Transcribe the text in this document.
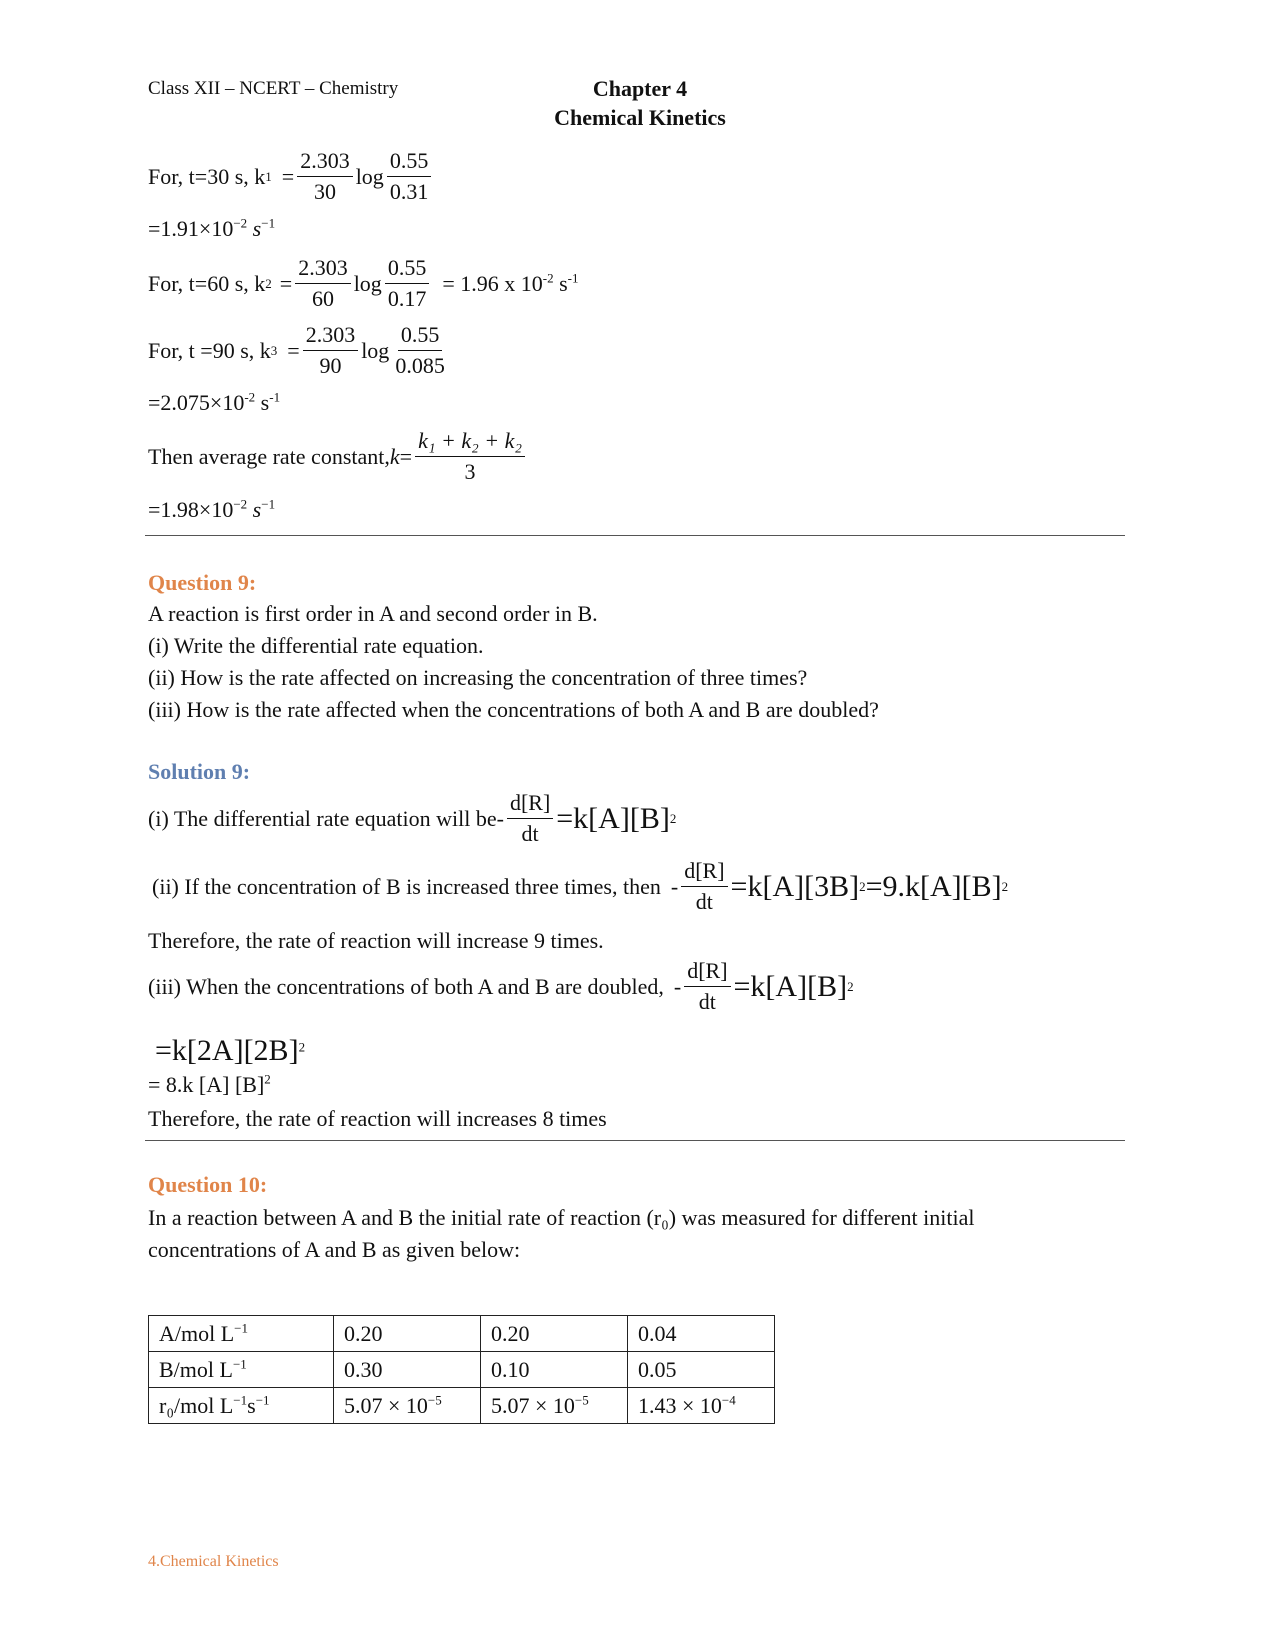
Class XII – NCERT – Chemistry	Chapter 4
Chemical Kinetics
For, t=30 s, k $1 = \frac{2.303}{30}$ $\log \frac{0.55}{0.31}$
$=1.91\times 10^{-2}$ $s^{-1}$
For, t=60 s, k $2 = \frac{2.303}{60}$ $\log \frac{0.55}{0.17} = 1.96$ x $10^{-2}$ $s^{-1}$
For, t =90 s, k $3 = \frac{2.303}{90}$ $\log \frac{0.55}{0.085}$
$=2.075\times 10^{-2}$ $s^{-1}$
Then average rate constant, $k = \frac{\text{k₁ + k₂ + k₂}}{3}$
$=1.98\times 10^{-2}$ $s^{-1}$
Question 9:
A reaction is first order in A and second order in B.
(i) Write the differential rate equation.
(ii) How is the rate affected on increasing the concentration of three times?
(iii) How is the rate affected when the concentrations of both A and B are doubled?
Solution 9:
(i) The differential rate equation will be - $\frac{d[R]}{dt} =k[A][B]$ 2
(ii) If the concentration of B is increased three times, then - $\frac{d[R]}{dt} =k[A][3B]$ 2 =9.k[A][B] 2
Therefore, the rate of reaction will increase 9 times.
(iii) When the concentrations of both A and B are doubled, - $\frac{d[R]}{dt} =k[A][B]$ 2
$=k[2A][2B]^2$
= 8.k [A] $[B]^2$
Therefore, the rate of reaction will increases 8 times
Question 10:
In a reaction between A and B the initial rate of reaction (r₀) was measured for different initial
concentrations of A and B as given below:
A/mol $L^{-1}$	0.20	0.20	0.04
B/mol $L^{-1}$	0.30	0.10	0.05
r₀/mol $L^{-1}s^{-1}$	$5.07 \times 10^{-5}$	$5.07 \times 10^{-5}$	$1.43 \times 10^{-4}$
4.Chemical Kinetics
